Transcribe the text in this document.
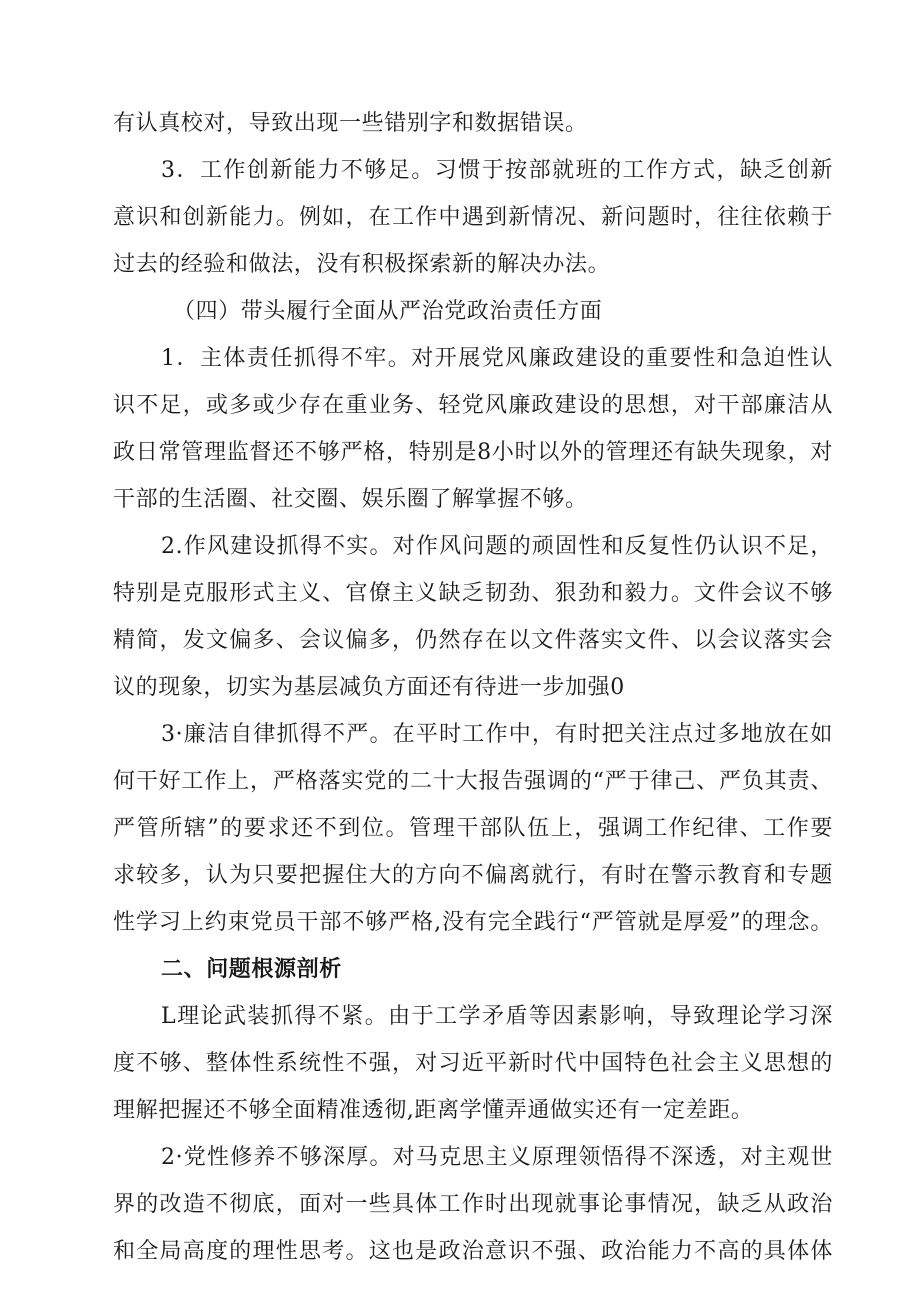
有认真校对，导致出现一些错别字和数据错误。
3．工作创新能力不够足。习惯于按部就班的工作方式，缺乏创新
意识和创新能力。例如，在工作中遇到新情况、新问题时，往往依赖于
过去的经验和做法，没有积极探索新的解决办法。
（四）带头履行全面从严治党政治责任方面
1．主体责任抓得不牢。对开展党风廉政建设的重要性和急迫性认
识不足，或多或少存在重业务、轻党风廉政建设的思想，对干部廉洁从
政日常管理监督还不够严格，特别是8小时以外的管理还有缺失现象，对
干部的生活圈、社交圈、娱乐圈了解掌握不够。
2.作风建设抓得不实。对作风问题的顽固性和反复性仍认识不足，
特别是克服形式主义、官僚主义缺乏韧劲、狠劲和毅力。文件会议不够
精简，发文偏多、会议偏多，仍然存在以文件落实文件、以会议落实会
议的现象，切实为基层减负方面还有待进一步加强0
3·廉洁自律抓得不严。在平时工作中，有时把关注点过多地放在如
何干好工作上，严格落实党的二十大报告强调的“严于律己、严负其责、
严管所辖”的要求还不到位。管理干部队伍上，强调工作纪律、工作要
求较多，认为只要把握住大的方向不偏离就行，有时在警示教育和专题
性学习上约束党员干部不够严格,没有完全践行“严管就是厚爱”的理念。
二、问题根源剖析
L理论武装抓得不紧。由于工学矛盾等因素影响，导致理论学习深
度不够、整体性系统性不强，对习近平新时代中国特色社会主义思想的
理解把握还不够全面精准透彻,距离学懂弄通做实还有一定差距。
2·党性修养不够深厚。对马克思主义原理领悟得不深透，对主观世
界的改造不彻底，面对一些具体工作时出现就事论事情况，缺乏从政治
和全局高度的理性思考。这也是政治意识不强、政治能力不高的具体体
